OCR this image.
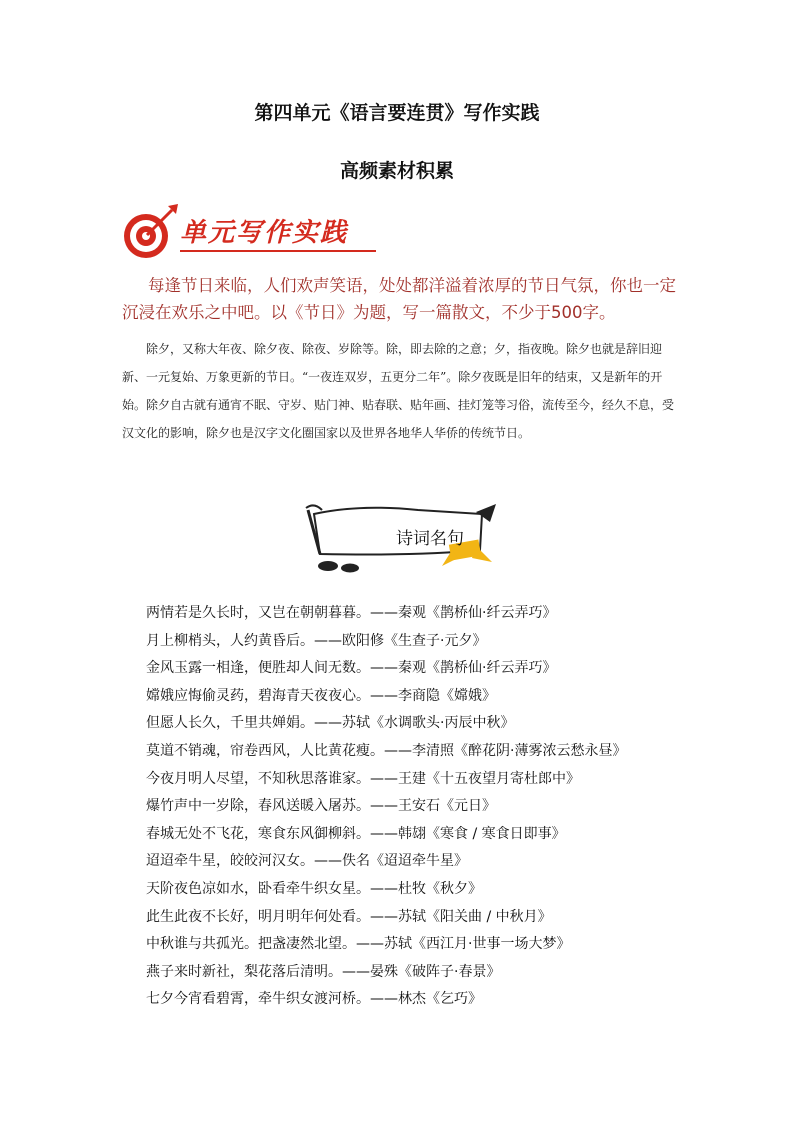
第四单元《语言要连贯》写作实践
高频素材积累
单元写作实践
每逢节日来临，人们欢声笑语，处处都洋溢着浓厚的节日气氛，你也一定沉浸在欢乐之中吧。以《节日》为题，写一篇散文，不少于500字。
除夕，又称大年夜、除夕夜、除夜、岁除等。除，即去除的之意；夕，指夜晚。除夕也就是辞旧迎新、一元复始、万象更新的节日。“一夜连双岁，五更分二年”。除夕夜既是旧年的结束，又是新年的开始。除夕自古就有通宵不眠、守岁、贴门神、贴春联、贴年画、挂灯笼等习俗，流传至今，经久不息，受汉文化的影响，除夕也是汉字文化圈国家以及世界各地华人华侨的传统节日。
诗词名句
两情若是久长时，又岂在朝朝暮暮。——秦观《鹊桥仙·纤云弄巧》
月上柳梢头，人约黄昏后。——欧阳修《生查子·元夕》
金风玉露一相逢，便胜却人间无数。——秦观《鹊桥仙·纤云弄巧》
嫦娥应悔偷灵药，碧海青天夜夜心。——李商隐《嫦娥》
但愿人长久，千里共婵娟。——苏轼《水调歌头·丙辰中秋》
莫道不销魂，帘卷西风，人比黄花瘦。——李清照《醉花阴·薄雾浓云愁永昼》
今夜月明人尽望，不知秋思落谁家。——王建《十五夜望月寄杜郎中》
爆竹声中一岁除，春风送暖入屠苏。——王安石《元日》
春城无处不飞花，寒食东风御柳斜。——韩翃《寒食 / 寒食日即事》
迢迢牵牛星，皎皎河汉女。——佚名《迢迢牵牛星》
天阶夜色凉如水，卧看牵牛织女星。——杜牧《秋夕》
此生此夜不长好，明月明年何处看。——苏轼《阳关曲 / 中秋月》
中秋谁与共孤光。把盏凄然北望。——苏轼《西江月·世事一场大梦》
燕子来时新社，梨花落后清明。——晏殊《破阵子·春景》
七夕今宵看碧霄，牵牛织女渡河桥。——林杰《乞巧》
